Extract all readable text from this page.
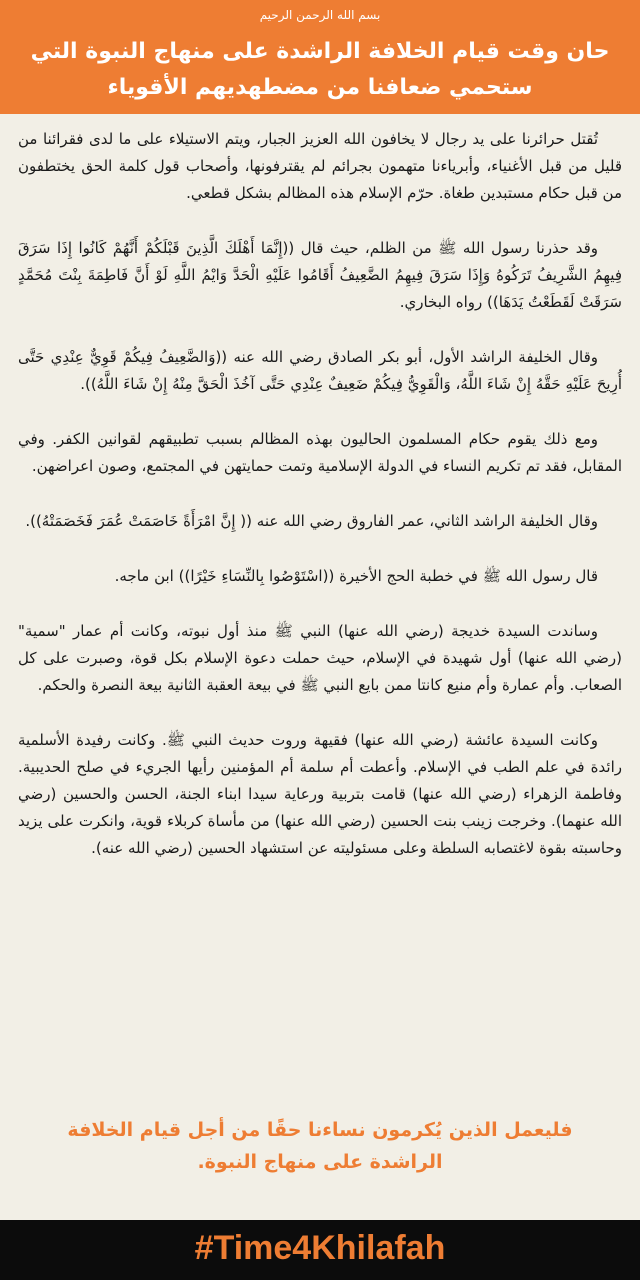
بسم الله الرحمن الرحيم
حان وقت قيام الخلافة الراشدة على منهاج النبوة التي ستحمي ضعافنا من مضطهديهم الأقوياء

تُقتل حرائرنا على يد رجال لا يخافون الله العزيز الجبار، ويتم الاستيلاء على ما لدى فقرائنا من قليل من قبل الأغنياء، وأبرياءنا متهمون بجرائم لم يقترفونها، وأصحاب قول كلمة الحق يختطفون من قبل حكام مستبدين طغاة. حرّم الإسلام هذه المظالم بشكل قطعي.

وقد حذرنا رسول الله ﷺ من الظلم، حيث قال ((إِنَّمَا أَهْلَكَ الَّذِينَ قَبْلَكُمْ أَنَّهُمْ كَانُوا إِذَا سَرَقَ فِيهِمُ الشَّرِيفُ تَرَكُوهُ وَإِذَا سَرَقَ فِيهِمُ الضَّعِيفُ أَقَامُوا عَلَيْهِ الْحَدَّ وَايْمُ اللَّهِ لَوْ أَنَّ فَاطِمَةَ بِنْتَ مُحَمَّدٍ سَرَقَتْ لَقَطَعْتُ يَدَهَا)) رواه البخاري.

وقال الخليفة الراشد الأول، أبو بكر الصادق رضي الله عنه ((وَالضَّعِيفُ فِيكُمْ قَوِيٌّ عِنْدِي حَتَّى أُرِيحَ عَلَيْهِ حَقَّهُ إِنْ شَاءَ اللَّهُ، وَالْقَوِيُّ فِيكُمْ ضَعِيفٌ عِنْدِي حَتَّى آخُذَ الْحَقَّ مِنْهُ إِنْ شَاءَ اللَّهُ)).

ومع ذلك يقوم حكام المسلمون الحاليون بهذه المظالم بسبب تطبيقهم لقوانين الكفر. وفي المقابل، فقد تم تكريم النساء في الدولة الإسلامية وتمت حمايتهن في المجتمع، وصون اعراضهن.

وقال الخليفة الراشد الثاني، عمر الفاروق رضي الله عنه (( إِنَّ امْرَأَةً خَاصَمَتْ عُمَرَ فَخَصَمَتْهُ)).

قال رسول الله ﷺ في خطبة الحج الأخيرة ((اسْتَوْصُوا بِالنِّسَاءِ خَيْرًا)) ابن ماجه.

وساندت السيدة خديجة (رضي الله عنها) النبي ﷺ منذ أول نبوته، وكانت أم عمار "سمية" (رضي الله عنها) أول شهيدة في الإسلام، حيث حملت دعوة الإسلام بكل قوة، وصبرت على كل الصعاب. وأم عمارة وأم منيع كانتا ممن بايع النبي ﷺ في بيعة العقبة الثانية بيعة النصرة والحكم.

وكانت السيدة عائشة (رضي الله عنها) فقيهة وروت حديث النبي ﷺ. وكانت رفيدة الأسلمية رائدة في علم الطب في الإسلام. وأعطت أم سلمة أم المؤمنين رأيها الجريء في صلح الحديبية. وفاطمة الزهراء (رضي الله عنها) قامت بتربية ورعاية سيدا ابناء الجنة، الحسن والحسين (رضي الله عنهما). وخرجت زينب بنت الحسين (رضي الله عنها) من مأساة كربلاء قوية، وانكرت على يزيد وحاسبته بقوة لاغتصابه السلطة وعلى مسئوليته عن استشهاد الحسين (رضي الله عنه).

فليعمل الذين يُكرمون نساءنا حقًا من أجل قيام الخلافة الراشدة على منهاج النبوة.
#Time4Khilafah
